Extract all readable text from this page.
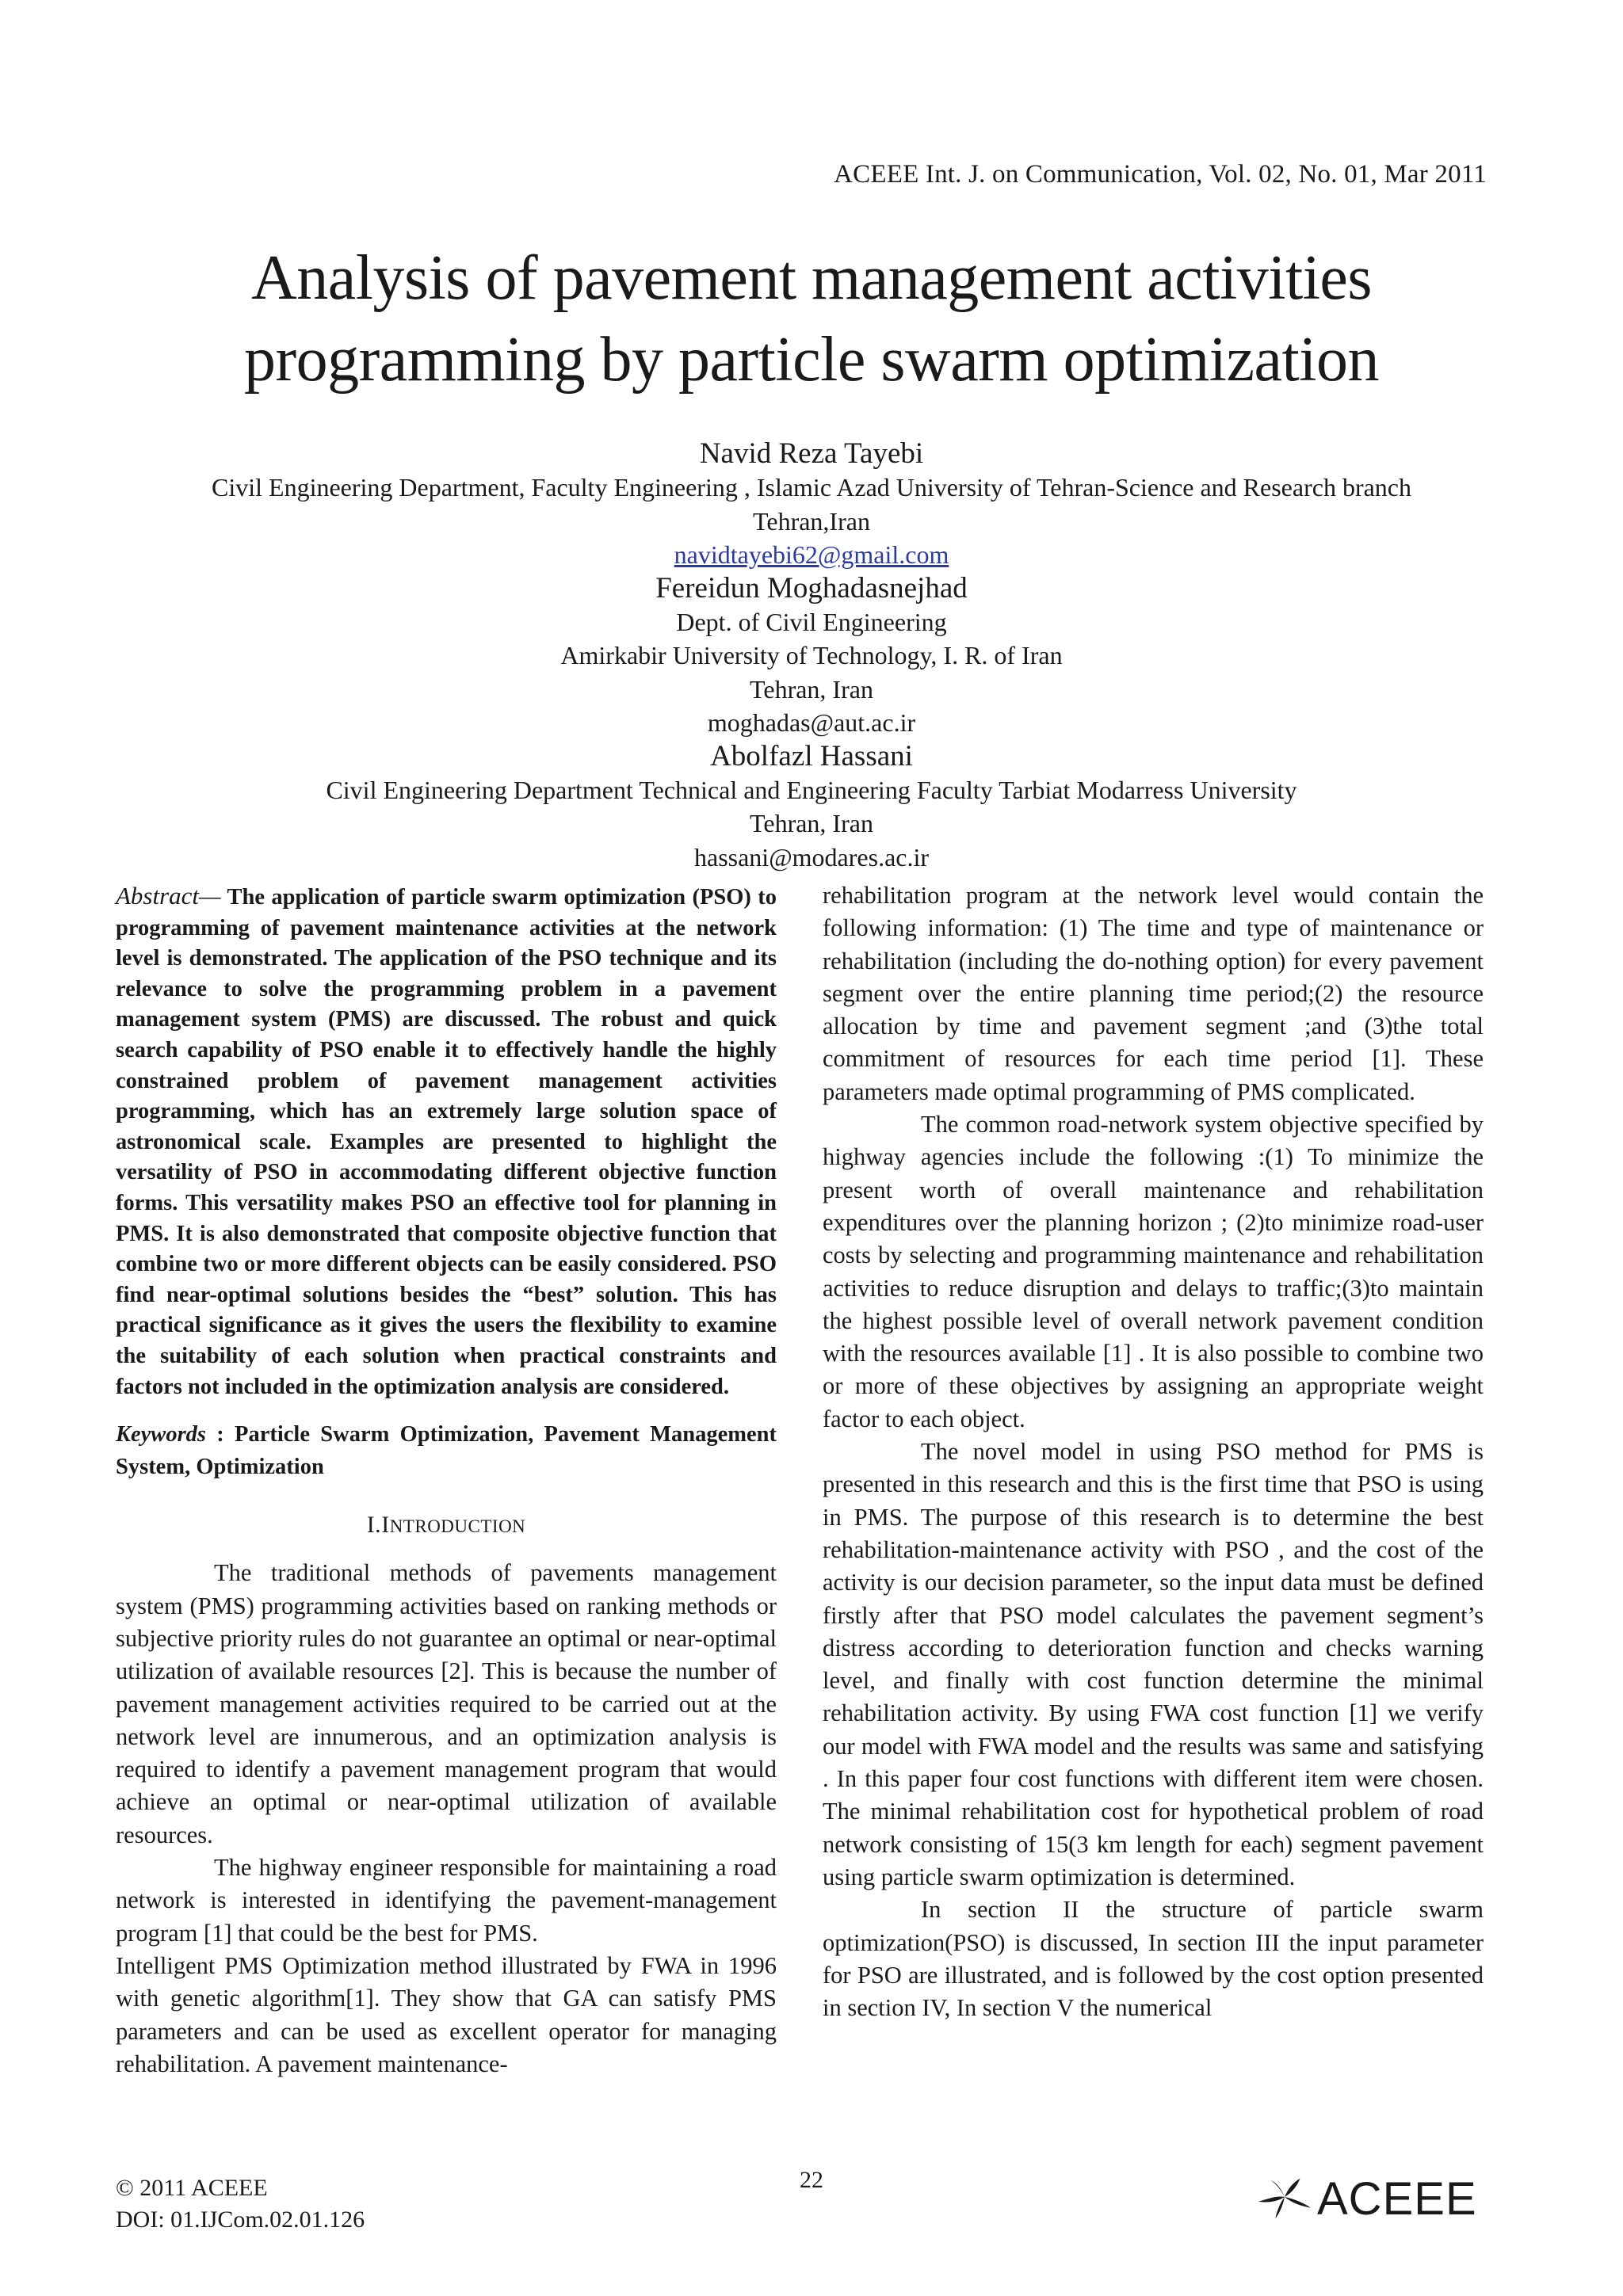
ACEEE Int. J. on Communication, Vol. 02, No. 01, Mar 2011
Analysis of pavement management activities
programming by particle swarm optimization
Navid Reza Tayebi
Civil Engineering Department, Faculty Engineering , Islamic Azad University of Tehran-Science and Research branch
Tehran,Iran
navidtayebi62@gmail.com
Fereidun Moghadasnejhad
Dept. of Civil Engineering
Amirkabir University of Technology, I. R. of Iran
Tehran, Iran
moghadas@aut.ac.ir
Abolfazl Hassani
Civil Engineering Department Technical and Engineering Faculty Tarbiat Modarress University
Tehran, Iran
hassani@modares.ac.ir

Abstract— The application of particle swarm optimization (PSO) to programming of pavement maintenance activities at the network level is demonstrated. The application of the PSO technique and its relevance to solve the programming problem in a pavement management system (PMS) are discussed. The robust and quick search capability of PSO enable it to effectively handle the highly constrained problem of pavement management activities programming, which has an extremely large solution space of astronomical scale. Examples are presented to highlight the versatility of PSO in accommodating different objective function forms. This versatility makes PSO an effective tool for planning in PMS. It is also demonstrated that composite objective function that combine two or more different objects can be easily considered. PSO find near-optimal solutions besides the “best” solution. This has practical significance as it gives the users the flexibility to examine the suitability of each solution when practical constraints and factors not included in the optimization analysis are considered.

Keywords : Particle Swarm Optimization, Pavement Management System, Optimization

I.INTRODUCTION

The traditional methods of pavements management system (PMS) programming activities based on ranking methods or subjective priority rules do not guarantee an optimal or near-optimal utilization of available resources [2]. This is because the number of pavement management activities required to be carried out at the network level are innumerous, and an optimization analysis is required to identify a pavement management program that would achieve an optimal or near-optimal utilization of available resources.

The highway engineer responsible for maintaining a road network is interested in identifying the pavement-management program [1] that could be the best for PMS.

Intelligent PMS Optimization method illustrated by FWA in 1996 with genetic algorithm[1]. They show that GA can satisfy PMS parameters and can be used as excellent operator for managing rehabilitation. A pavement maintenance-

rehabilitation program at the network level would contain the following information: (1) The time and type of maintenance or rehabilitation (including the do-nothing option) for every pavement segment over the entire planning time period;(2) the resource allocation by time and pavement segment ;and (3)the total commitment of resources for each time period [1]. These parameters made optimal programming of PMS complicated.

The common road-network system objective specified by highway agencies include the following :(1) To minimize the present worth of overall maintenance and rehabilitation expenditures over the planning horizon ; (2)to minimize road-user costs by selecting and programming maintenance and rehabilitation activities to reduce disruption and delays to traffic;(3)to maintain the highest possible level of overall network pavement condition with the resources available [1] . It is also possible to combine two or more of these objectives by assigning an appropriate weight factor to each object.

The novel model in using PSO method for PMS is presented in this research and this is the first time that PSO is using in PMS. The purpose of this research is to determine the best rehabilitation-maintenance activity with PSO , and the cost of the activity is our decision parameter, so the input data must be defined firstly after that PSO model calculates the pavement segment’s distress according to deterioration function and checks warning level, and finally with cost function determine the minimal rehabilitation activity. By using FWA cost function [1] we verify our model with FWA model and the results was same and satisfying . In this paper four cost functions with different item were chosen. The minimal rehabilitation cost for hypothetical problem of road network consisting of 15(3 km length for each) segment pavement using particle swarm optimization is determined.

In section II the structure of particle swarm optimization(PSO) is discussed, In section III the input parameter for PSO are illustrated, and is followed by the cost option presented in section IV, In section V the numerical

© 2011 ACEEE
DOI: 01.IJCom.02.01.126
22	ACEEE
